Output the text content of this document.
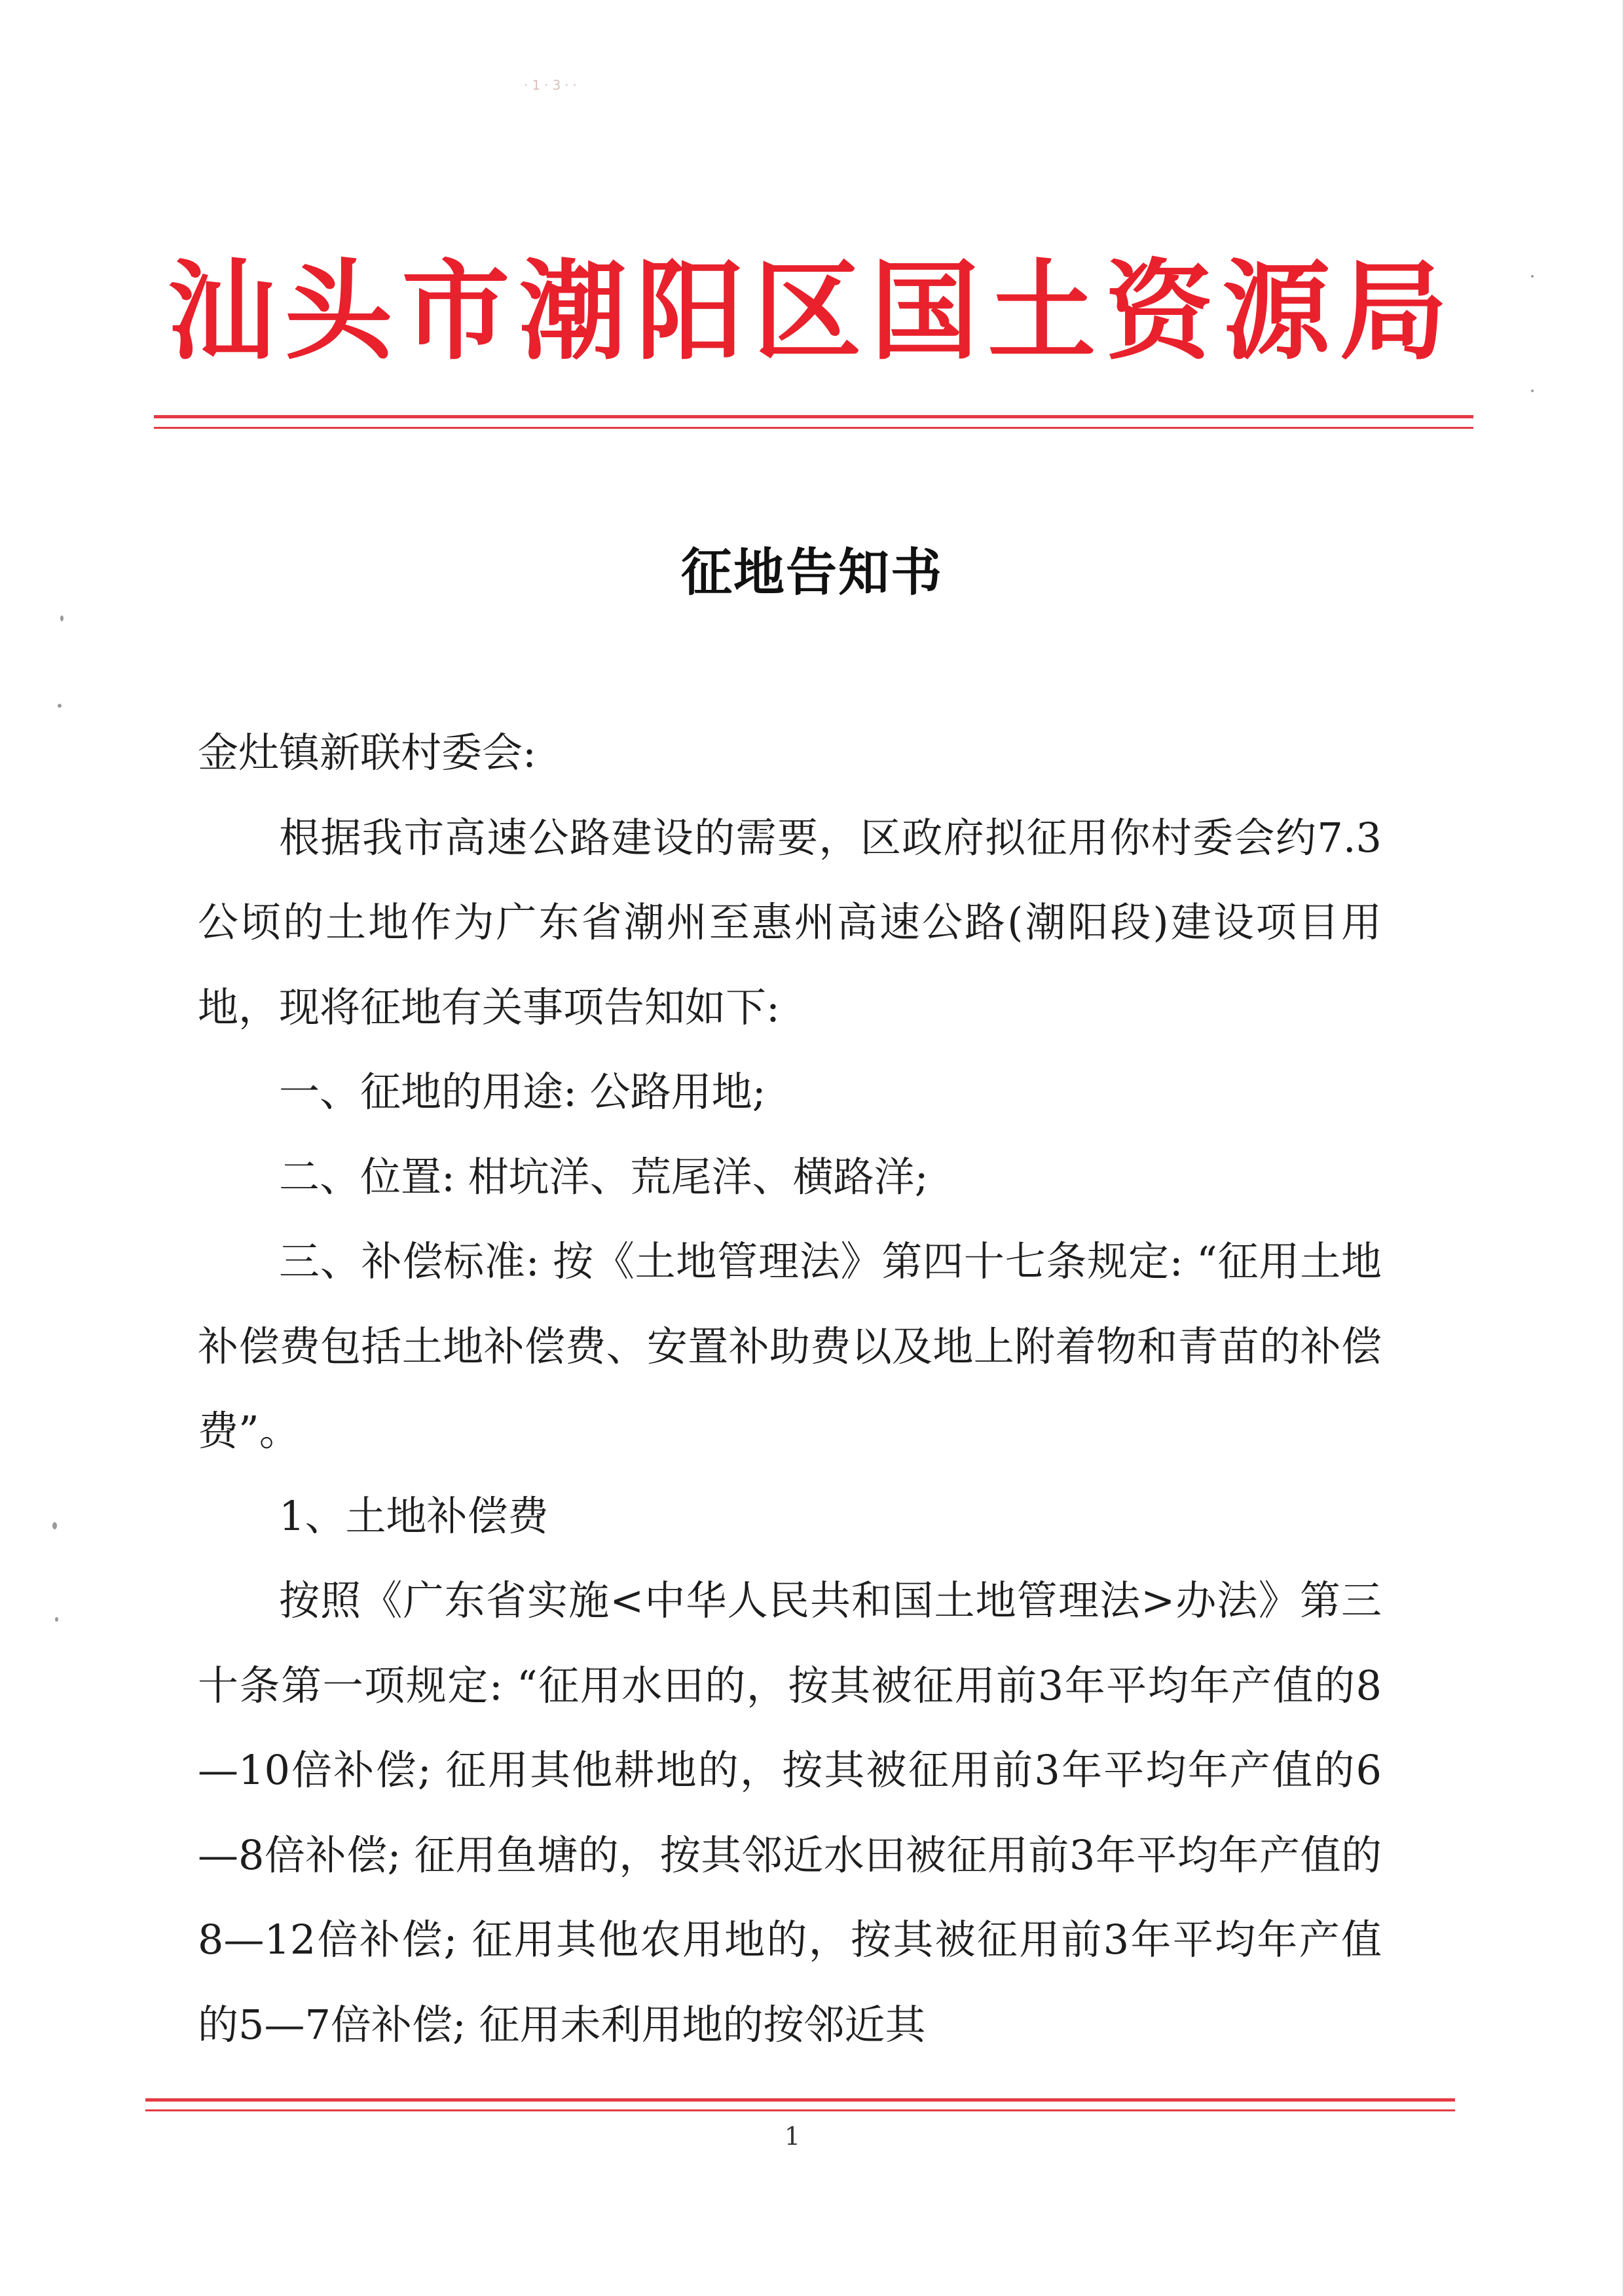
·1·3··
汕头市潮阳区国土资源局
征地告知书

金灶镇新联村委会:

根据我市高速公路建设的需要，区政府拟征用你村委会约7.3公顷的土地作为广东省潮州至惠州高速公路(潮阳段)建设项目用地，现将征地有关事项告知如下:

一、征地的用途: 公路用地;

二、位置: 柑坑洋、荒尾洋、横路洋;

三、补偿标准: 按《土地管理法》第四十七条规定: “征用土地补偿费包括土地补偿费、安置补助费以及地上附着物和青苗的补偿费”。

1、土地补偿费

按照《广东省实施<中华人民共和国土地管理法>办法》第三十条第一项规定: “征用水田的，按其被征用前3年平均年产值的8—10倍补偿; 征用其他耕地的，按其被征用前3年平均年产值的6—8倍补偿; 征用鱼塘的，按其邻近水田被征用前3年平均年产值的8—12倍补偿; 征用其他农用地的，按其被征用前3年平均年产值的5—7倍补偿; 征用未利用地的按邻近其

1
